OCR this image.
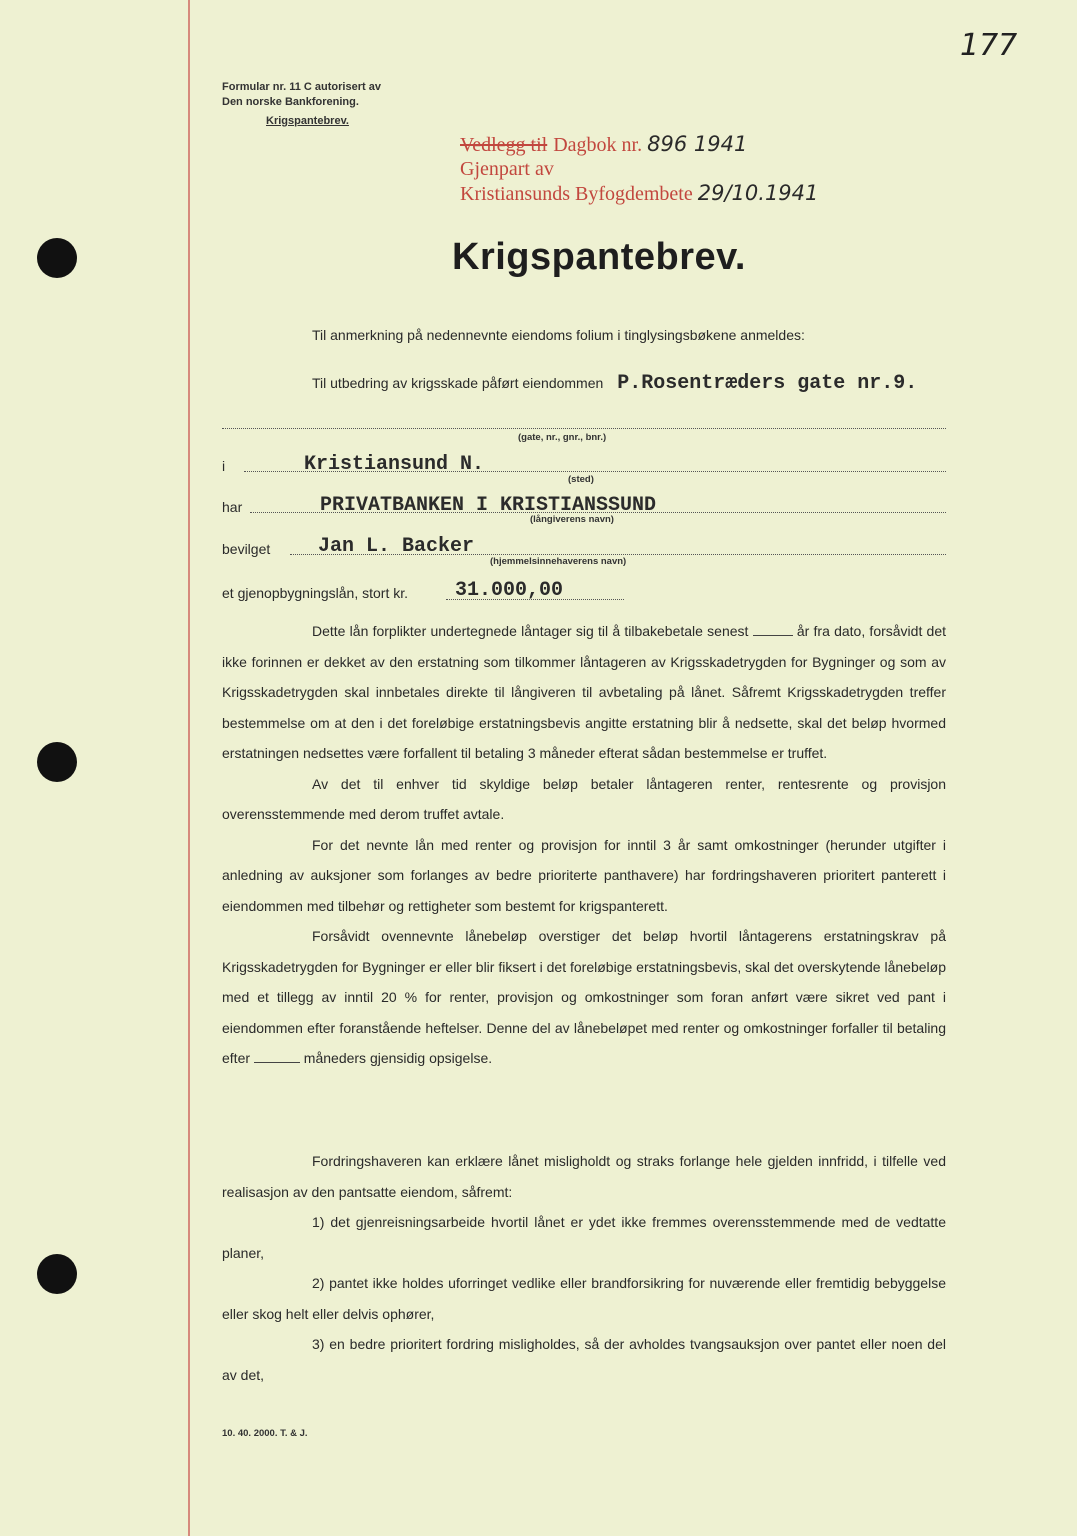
177
Formular nr. 11 C autorisert av
Den norske Bankforening.
Krigspantebrev.
Vedlegg til Dagbok nr. 896 1941
Gjenpart av
Kristiansunds Byfogdembete 29/10.1941
Krigspantebrev.
Til anmerkning på nedennevnte eiendoms folium i tinglysingsbøkene anmeldes:
Til utbedring av krigsskade påført eiendommen P.Rosentræders gate nr.9.
(gate, nr., gnr., bnr.)
i	Kristiansund N.
(sted)
har	PRIVATBANKEN I KRISTIANSSUND
(långiverens navn)
bevilget Jan L. Backer
(hjemmelsinnehaverens navn)
et gjenopbygningslån, stort kr. 31.000,00

Dette lån forplikter undertegnede låntager sig til å tilbakebetale senest	år fra dato, forsåvidt det ikke forinnen er dekket av den erstatning som tilkommer låntageren av Krigsskadetrygden for Bygninger og som av Krigsskadetrygden skal innbetales direkte til långiveren til avbetaling på lånet. Såfremt Krigsskadetrygden treffer bestemmelse om at den i det foreløbige erstatningsbevis angitte erstatning blir å nedsette, skal det beløp hvormed erstatningen nedsettes være forfallent til betaling 3 måneder efterat sådan bestemmelse er truffet.

Av det til enhver tid skyldige beløp betaler låntageren renter, rentesrente og provisjon overensstemmende med derom truffet avtale.

For det nevnte lån med renter og provisjon for inntil 3 år samt omkostninger (herunder utgifter i anledning av auksjoner som forlanges av bedre prioriterte panthavere) har fordringshaveren prioritert panterett i eiendommen med tilbehør og rettigheter som bestemt for krigspanterett.

Forsåvidt ovennevnte lånebeløp overstiger det beløp hvortil låntagerens erstatningskrav på Krigsskadetrygden for Bygninger er eller blir fiksert i det foreløbige erstatningsbevis, skal det overskytende lånebeløp med et tillegg av inntil 20 % for renter, provisjon og omkostninger som foran anført være sikret ved pant i eiendommen efter foranstående heftelser. Denne del av lånebeløpet med renter og omkostninger forfaller til betaling efter	måneders gjensidig opsigelse.

Fordringshaveren kan erklære lånet misligholdt og straks forlange hele gjelden innfridd, i tilfelle ved realisasjon av den pantsatte eiendom, såfremt:

1) det gjenreisningsarbeide hvortil lånet er ydet ikke fremmes overensstemmende med de vedtatte planer,

2) pantet ikke holdes uforringet vedlike eller brandforsikring for nuværende eller fremtidig bebyggelse eller skog helt eller delvis ophører,

3) en bedre prioritert fordring misligholdes, så der avholdes tvangsauksjon over pantet eller noen del av det,

10. 40. 2000. T. & J.
